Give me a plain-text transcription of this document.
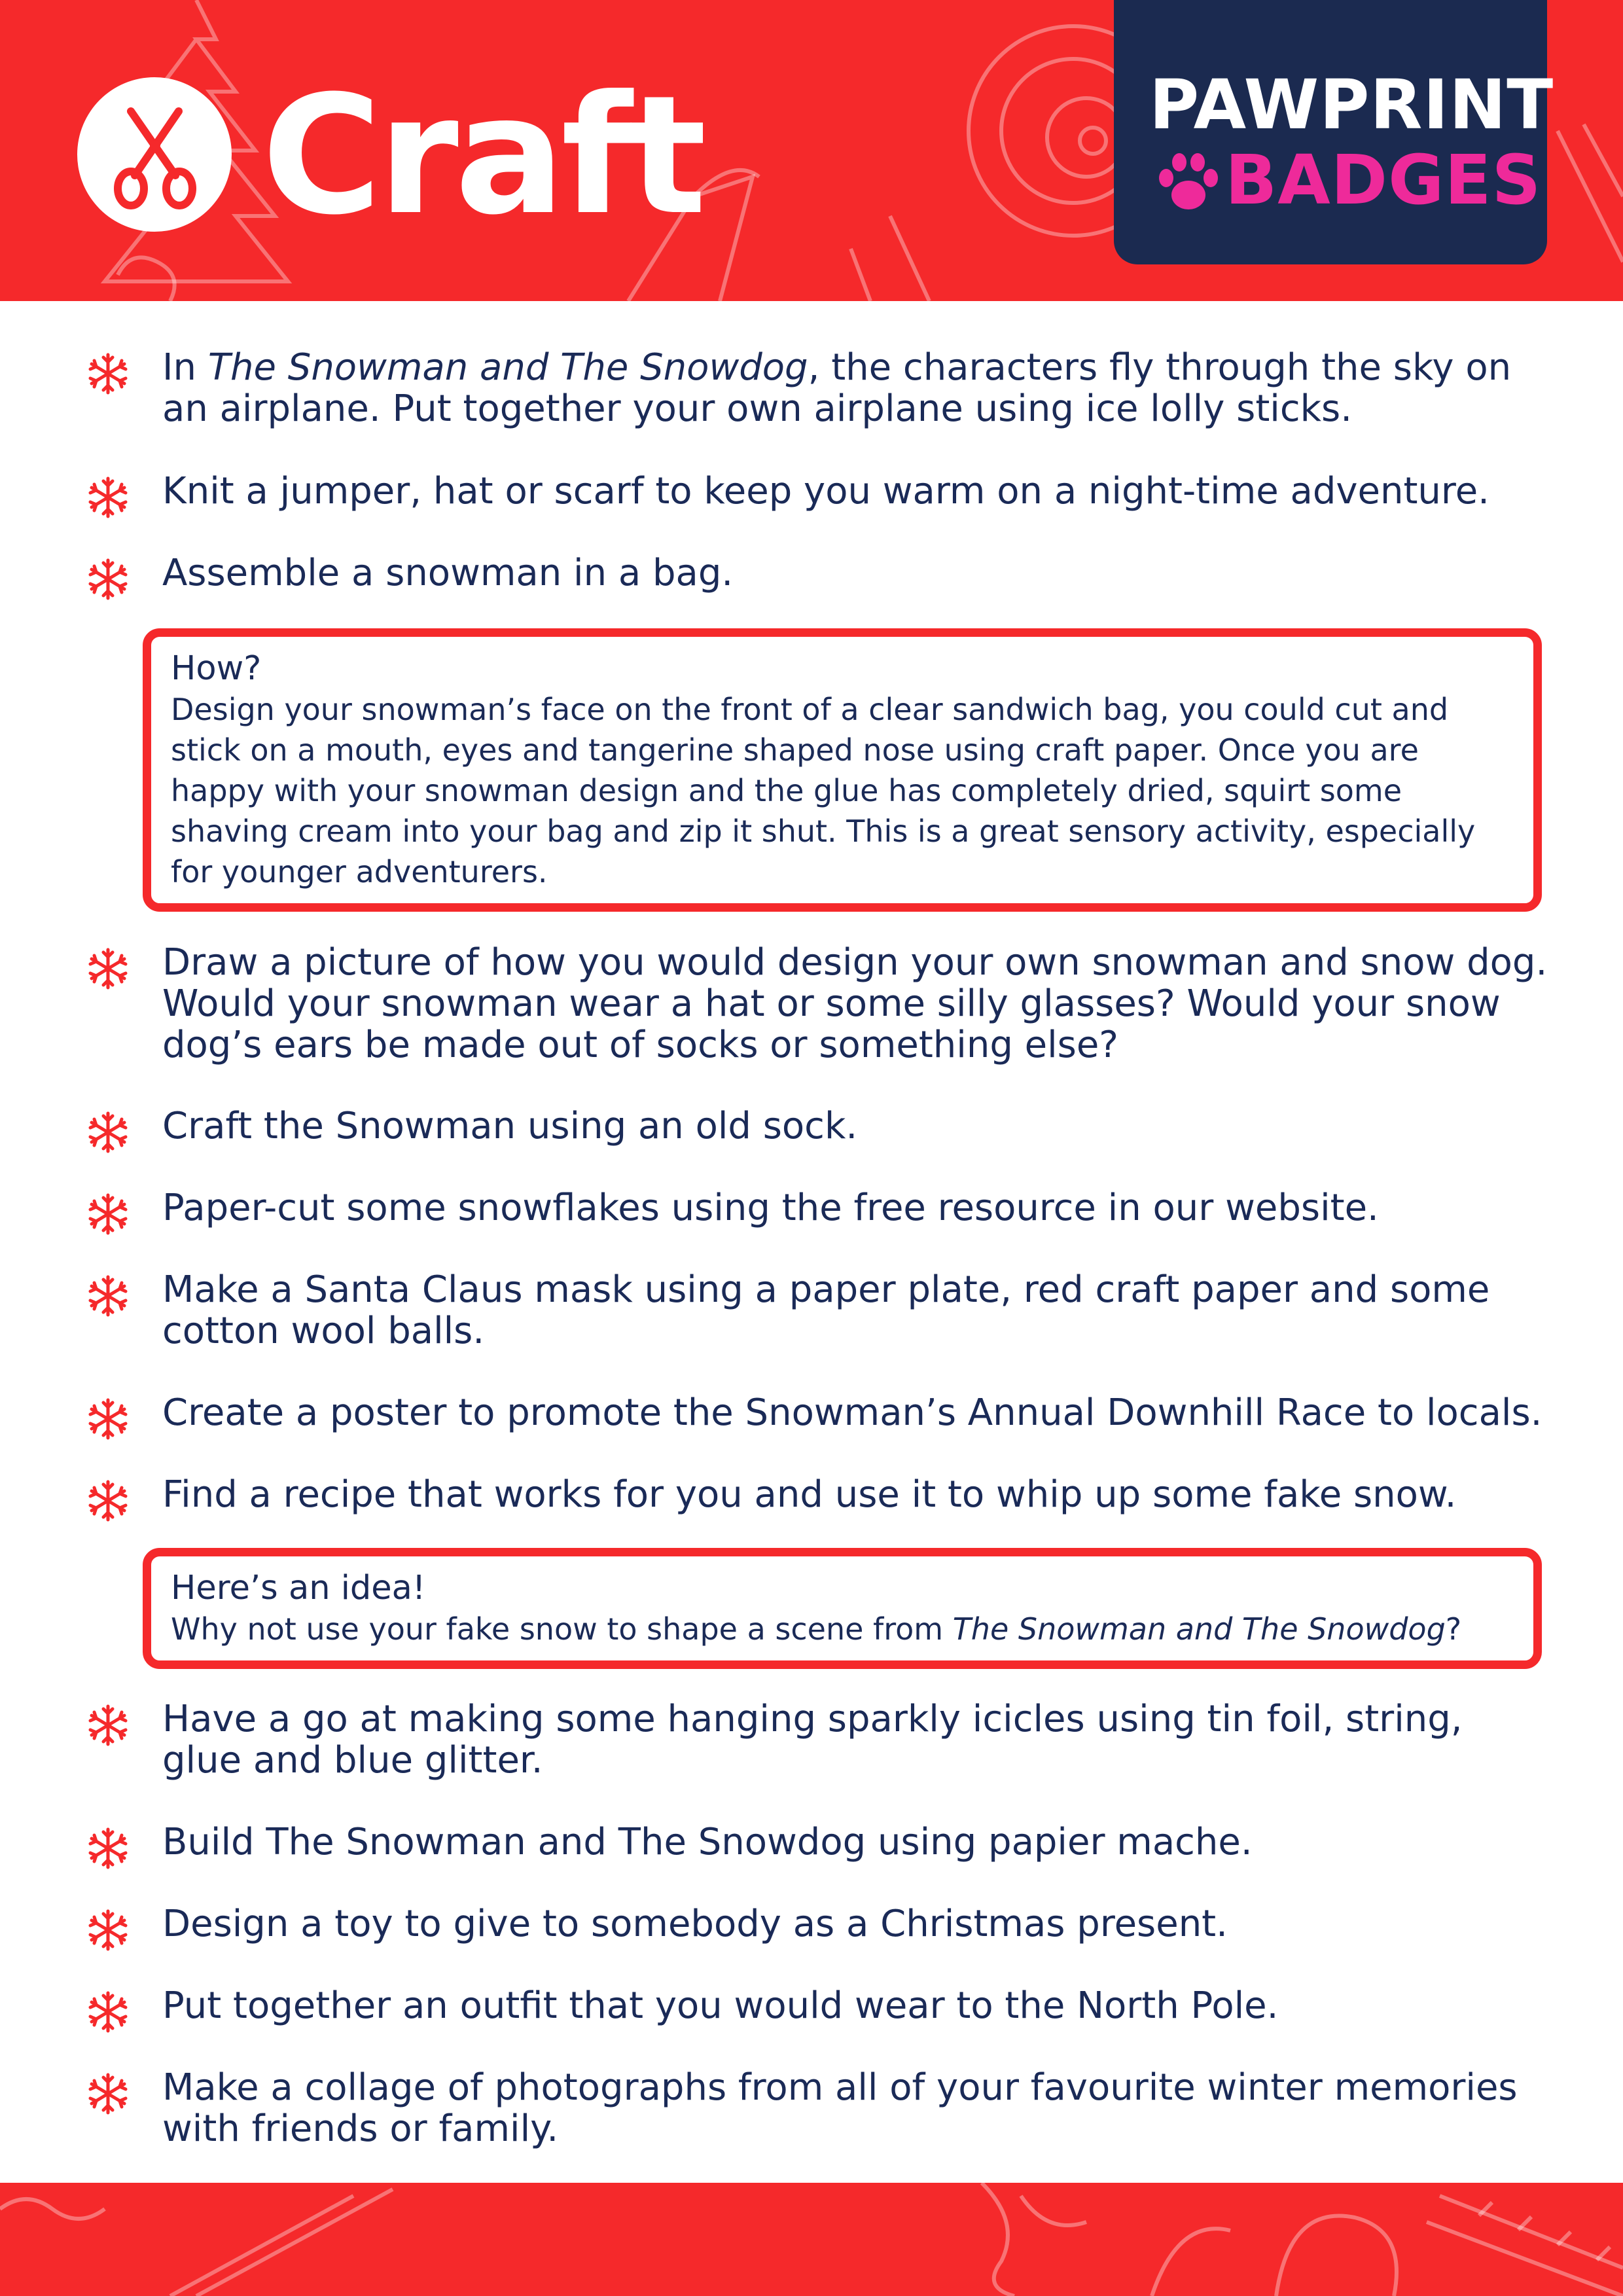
Craft	PAWPRINT
BADGES
In The Snowman and The Snowdog, the characters fly through the sky on an airplane. Put together your own airplane using ice lolly sticks.
Knit a jumper, hat or scarf to keep you warm on a night-time adventure.
Assemble a snowman in a bag.
How?
Design your snowman’s face on the front of a clear sandwich bag, you could cut and stick on a mouth, eyes and tangerine shaped nose using craft paper. Once you are happy with your snowman design and the glue has completely dried, squirt some shaving cream into your bag and zip it shut. This is a great sensory activity, especially for younger adventurers.
Draw a picture of how you would design your own snowman and snow dog. Would your snowman wear a hat or some silly glasses? Would your snow dog’s ears be made out of socks or something else?
Craft the Snowman using an old sock.
Paper-cut some snowflakes using the free resource in our website.
Make a Santa Claus mask using a paper plate, red craft paper and some cotton wool balls.
Create a poster to promote the Snowman’s Annual Downhill Race to locals.
Find a recipe that works for you and use it to whip up some fake snow.
Here’s an idea!
Why not use your fake snow to shape a scene from The Snowman and The Snowdog?
Have a go at making some hanging sparkly icicles using tin foil, string, glue and blue glitter.
Build The Snowman and The Snowdog using papier mache.
Design a toy to give to somebody as a Christmas present.
Put together an outfit that you would wear to the North Pole.
Make a collage of photographs from all of your favourite winter memories with friends or family.
